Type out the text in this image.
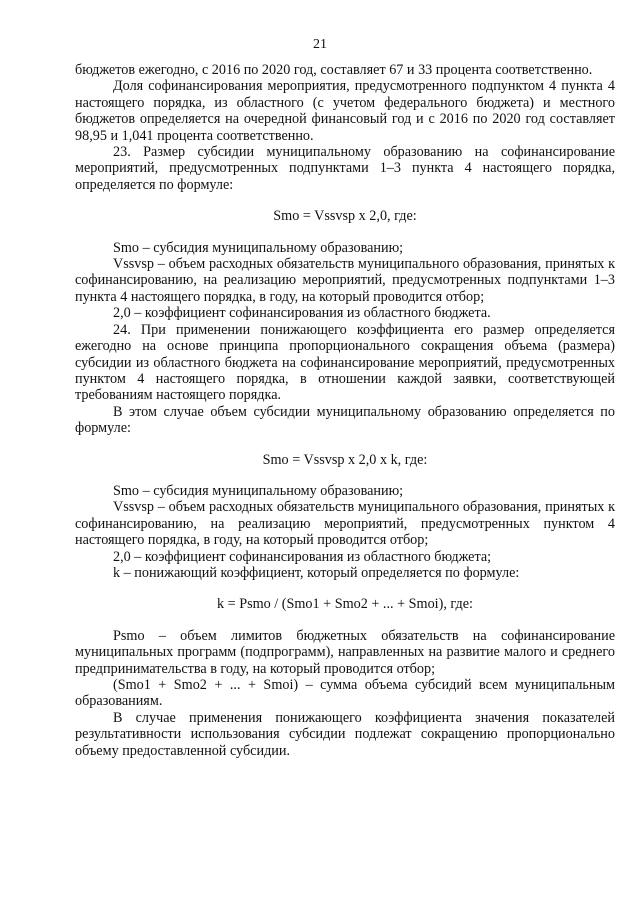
21

бюджетов ежегодно, с 2016 по 2020 год, составляет 67 и 33 процента соответственно.

Доля софинансирования мероприятия, предусмотренного подпунктом 4 пункта 4 настоящего порядка, из областного (с учетом федерального бюджета) и местного бюджетов определяется на очередной финансовый год и с 2016 по 2020 год составляет 98,95 и 1,041 процента соответственно.

23. Размер субсидии муниципальному образованию на софинансирование мероприятий, предусмотренных подпунктами 1–3 пункта 4 настоящего порядка, определяется по формуле:

Smo = Vssvsp х 2,0, где:

Smo – субсидия муниципальному образованию;

Vssvsp – объем расходных обязательств муниципального образования, принятых к софинансированию, на реализацию мероприятий, предусмотренных подпунктами 1–3 пункта 4 настоящего порядка, в году, на который проводится отбор;

2,0 – коэффициент софинансирования из областного бюджета.

24. При применении понижающего коэффициента его размер определяется ежегодно на основе принципа пропорционального сокращения объема (размера) субсидии из областного бюджета на софинансирование мероприятий, предусмотренных пунктом 4 настоящего порядка, в отношении каждой заявки, соответствующей требованиям настоящего порядка.

В этом случае объем субсидии муниципальному образованию определяется по формуле:

Smo = Vssvsp х 2,0 х k, где:

Smo – субсидия муниципальному образованию;

Vssvsp – объем расходных обязательств муниципального образования, принятых к софинансированию, на реализацию мероприятий, предусмотренных пунктом 4 настоящего порядка, в году, на который проводится отбор;

2,0 – коэффициент софинансирования из областного бюджета;

k – понижающий коэффициент, который определяется по формуле:

k = Psmo / (Smo1 + Smo2 + ... + Smoi), где:

Psmo – объем лимитов бюджетных обязательств на софинансирование муниципальных программ (подпрограмм), направленных на развитие малого и среднего предпринимательства в году, на который проводится отбор;

(Smo1 + Smo2 + ... + Smoi) – сумма объема субсидий всем муниципальным образованиям.

В случае применения понижающего коэффициента значения показателей результативности использования субсидии подлежат сокращению пропорционально объему предоставленной субсидии.
